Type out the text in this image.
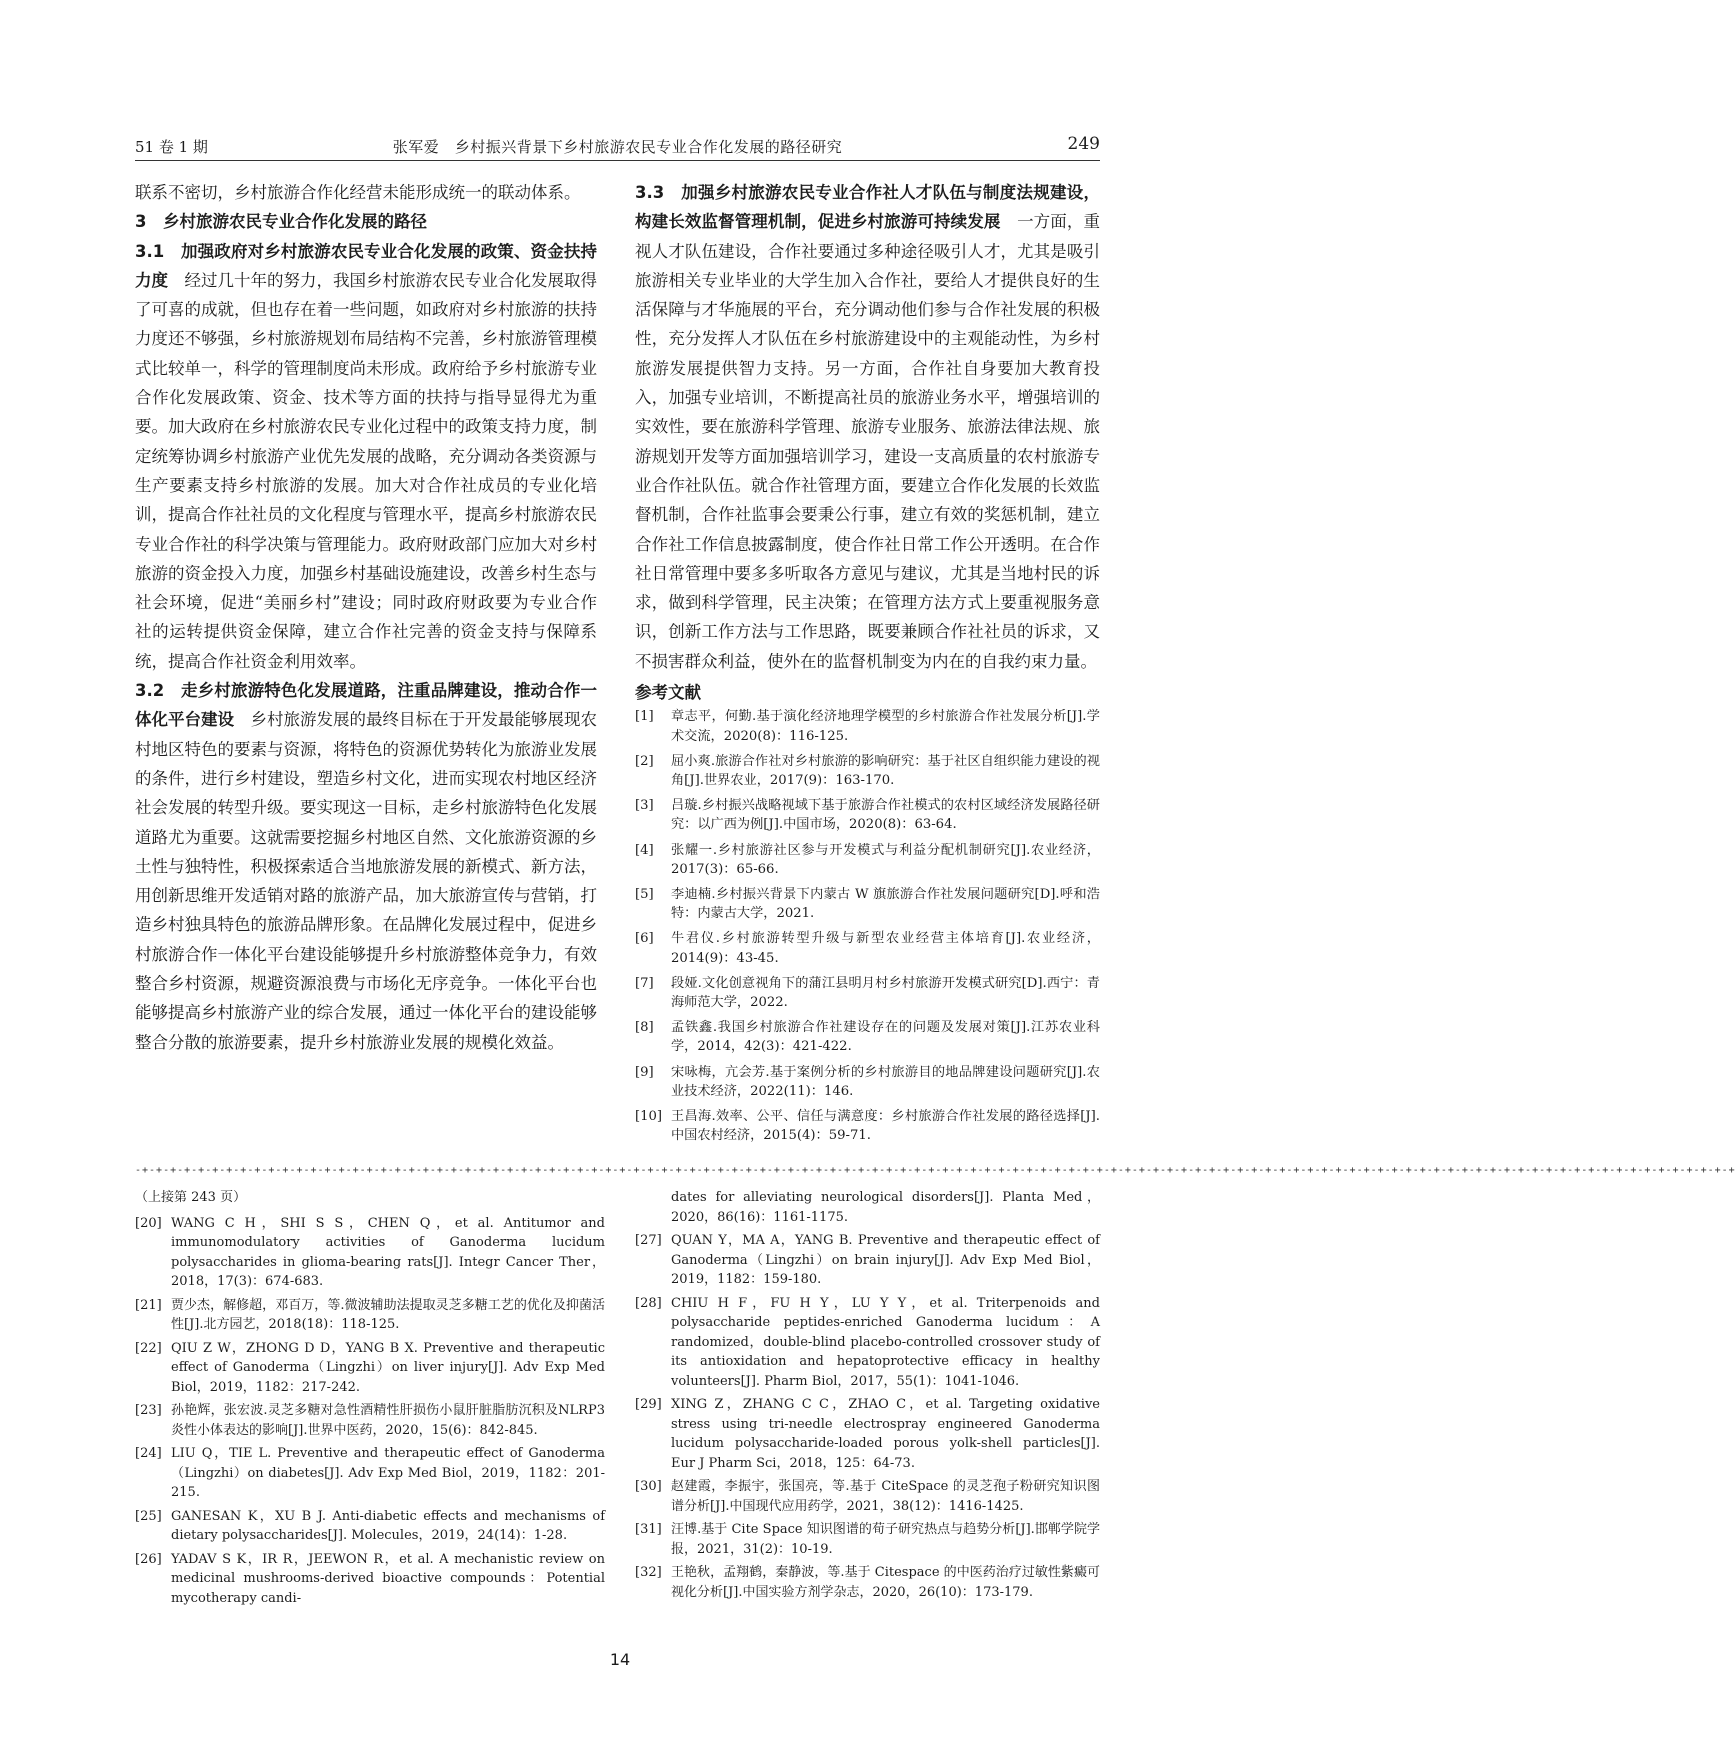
51 卷 1 期	张军爱　乡村振兴背景下乡村旅游农民专业合作化发展的路径研究	249

联系不密切，乡村旅游合作化经营未能形成统一的联动体系。

3　乡村旅游农民专业合作化发展的路径

3.1　加强政府对乡村旅游农民专业合化发展的政策、资金扶持力度　经过几十年的努力，我国乡村旅游农民专业合化发展取得了可喜的成就，但也存在着一些问题，如政府对乡村旅游的扶持力度还不够强，乡村旅游规划布局结构不完善，乡村旅游管理模式比较单一，科学的管理制度尚未形成。政府给予乡村旅游专业合作化发展政策、资金、技术等方面的扶持与指导显得尤为重要。加大政府在乡村旅游农民专业化过程中的政策支持力度，制定统筹协调乡村旅游产业优先发展的战略，充分调动各类资源与生产要素支持乡村旅游的发展。加大对合作社成员的专业化培训，提高合作社社员的文化程度与管理水平，提高乡村旅游农民专业合作社的科学决策与管理能力。政府财政部门应加大对乡村旅游的资金投入力度，加强乡村基础设施建设，改善乡村生态与社会环境，促进“美丽乡村”建设；同时政府财政要为专业合作社的运转提供资金保障，建立合作社完善的资金支持与保障系统，提高合作社资金利用效率。

3.2　走乡村旅游特色化发展道路，注重品牌建设，推动合作一体化平台建设　乡村旅游发展的最终目标在于开发最能够展现农村地区特色的要素与资源，将特色的资源优势转化为旅游业发展的条件，进行乡村建设，塑造乡村文化，进而实现农村地区经济社会发展的转型升级。要实现这一目标，走乡村旅游特色化发展道路尤为重要。这就需要挖掘乡村地区自然、文化旅游资源的乡土性与独特性，积极探索适合当地旅游发展的新模式、新方法，用创新思维开发适销对路的旅游产品，加大旅游宣传与营销，打造乡村独具特色的旅游品牌形象。在品牌化发展过程中，促进乡村旅游合作一体化平台建设能够提升乡村旅游整体竞争力，有效整合乡村资源，规避资源浪费与市场化无序竞争。一体化平台也能够提高乡村旅游产业的综合发展，通过一体化平台的建设能够整合分散的旅游要素，提升乡村旅游业发展的规模化效益。

3.3　加强乡村旅游农民专业合作社人才队伍与制度法规建设，构建长效监督管理机制，促进乡村旅游可持续发展　一方面，重视人才队伍建设，合作社要通过多种途径吸引人才，尤其是吸引旅游相关专业毕业的大学生加入合作社，要给人才提供良好的生活保障与才华施展的平台，充分调动他们参与合作社发展的积极性，充分发挥人才队伍在乡村旅游建设中的主观能动性，为乡村旅游发展提供智力支持。另一方面，合作社自身要加大教育投入，加强专业培训，不断提高社员的旅游业务水平，增强培训的实效性，要在旅游科学管理、旅游专业服务、旅游法律法规、旅游规划开发等方面加强培训学习，建设一支高质量的农村旅游专业合作社队伍。就合作社管理方面，要建立合作化发展的长效监督机制，合作社监事会要秉公行事，建立有效的奖惩机制，建立合作社工作信息披露制度，使合作社日常工作公开透明。在合作社日常管理中要多多听取各方意见与建议，尤其是当地村民的诉求，做到科学管理，民主决策；在管理方法方式上要重视服务意识，创新工作方法与工作思路，既要兼顾合作社社员的诉求，又不损害群众利益，使外在的监督机制变为内在的自我约束力量。

参考文献

[1]	章志平，何勤.基于演化经济地理学模型的乡村旅游合作社发展分析[J].学术交流，2020(8)：116-125.
[2]	屈小爽.旅游合作社对乡村旅游的影响研究：基于社区自组织能力建设的视角[J].世界农业，2017(9)：163-170.
[3]	吕璇.乡村振兴战略视域下基于旅游合作社模式的农村区域经济发展路径研究：以广西为例[J].中国市场，2020(8)：63-64.
[4]	张耀一.乡村旅游社区参与开发模式与利益分配机制研究[J].农业经济，2017(3)：65-66.
[5]	李迪楠.乡村振兴背景下内蒙古 W 旗旅游合作社发展问题研究[D].呼和浩特：内蒙古大学，2021.
[6]	牛君仪.乡村旅游转型升级与新型农业经营主体培育[J].农业经济，2014(9)：43-45.
[7]	段娅.文化创意视角下的蒲江县明月村乡村旅游开发模式研究[D].西宁：青海师范大学，2022.
[8]	孟铁鑫.我国乡村旅游合作社建设存在的问题及发展对策[J].江苏农业科学，2014，42(3)：421-422.
[9]	宋咏梅，亢会芳.基于案例分析的乡村旅游目的地品牌建设问题研究[J].农业技术经济，2022(11)：146.
[10] 王昌海.效率、公平、信任与满意度：乡村旅游合作社发展的路径选择[J].中国农村经济，2015(4)：59-71.
-+-+-+-+-+-+-+-+-+-+-+-+-+-+-+-+-+-+-+-+-+-+-+-+-+-+-+-+-+-+-+-+-+-+-+-+-+-+-+-+-+-+-+-+-+-+-+-+-+-+-+-+-+-+-+-+-+-+-+-+-+-+-+-+-+-+-+-+-+-+-+-+-+-+-+-+-+-+-+-+-+-+-+-+-+-+-+-+-+-+-+-+-+-+-+-+-+-+-+-+-+-+-+-+-+-+-+-+-+-+-+-+-+-+
（上接第 243 页）
[20] WANG C H，SHI S S，CHEN Q，et al. Antitumor and immunomodulatory activities of Ganoderma lucidum polysaccharides in glioma-bearing rats[J]. Integr Cancer Ther，2018，17(3)：674-683.
[21] 贾少杰，解修超，邓百万，等.微波辅助法提取灵芝多糖工艺的优化及抑菌活性[J].北方园艺，2018(18)：118-125.
[22] QIU Z W，ZHONG D D，YANG B X. Preventive and therapeutic effect of Ganoderma（Lingzhi）on liver injury[J]. Adv Exp Med Biol，2019，1182：217-242.
[23] 孙艳辉，张宏波.灵芝多糖对急性酒精性肝损伤小鼠肝脏脂肪沉积及NLRP3 炎性小体表达的影响[J].世界中医药，2020，15(6)：842-845.
[24] LIU Q，TIE L. Preventive and therapeutic effect of Ganoderma（Lingzhi）on diabetes[J]. Adv Exp Med Biol，2019，1182：201-215.
[25] GANESAN K，XU B J. Anti-diabetic effects and mechanisms of dietary polysaccharides[J]. Molecules，2019，24(14)：1-28.
[26] YADAV S K，IR R，JEEWON R，et al. A mechanistic review on medicinal mushrooms-derived bioactive compounds：Potential mycotherapy candi-
dates for alleviating neurological disorders[J]. Planta Med，2020，86(16)：1161-1175.
[27] QUAN Y，MA A，YANG B. Preventive and therapeutic effect of Ganoderma（Lingzhi）on brain injury[J]. Adv Exp Med Biol，2019，1182：159-180.
[28] CHIU H F，FU H Y，LU Y Y，et al. Triterpenoids and polysaccharide peptides-enriched Ganoderma lucidum：A randomized，double-blind placebo-controlled crossover study of its antioxidation and hepatoprotective efficacy in healthy volunteers[J]. Pharm Biol，2017，55(1)：1041-1046.
[29] XING Z，ZHANG C C，ZHAO C，et al. Targeting oxidative stress using tri-needle electrospray engineered Ganoderma lucidum polysaccharide-loaded porous yolk-shell particles[J]. Eur J Pharm Sci，2018，125：64-73.
[30] 赵建霞，李振宇，张国亮，等.基于 CiteSpace 的灵芝孢子粉研究知识图谱分析[J].中国现代应用药学，2021，38(12)：1416-1425.
[31] 汪博.基于 Cite Space 知识图谱的荀子研究热点与趋势分析[J].邯郸学院学报，2021，31(2)：10-19.
[32] 王艳秋，孟翔鹤，秦静波，等.基于 Citespace 的中医药治疗过敏性紫癜可视化分析[J].中国实验方剂学杂志，2020，26(10)：173-179.
14
